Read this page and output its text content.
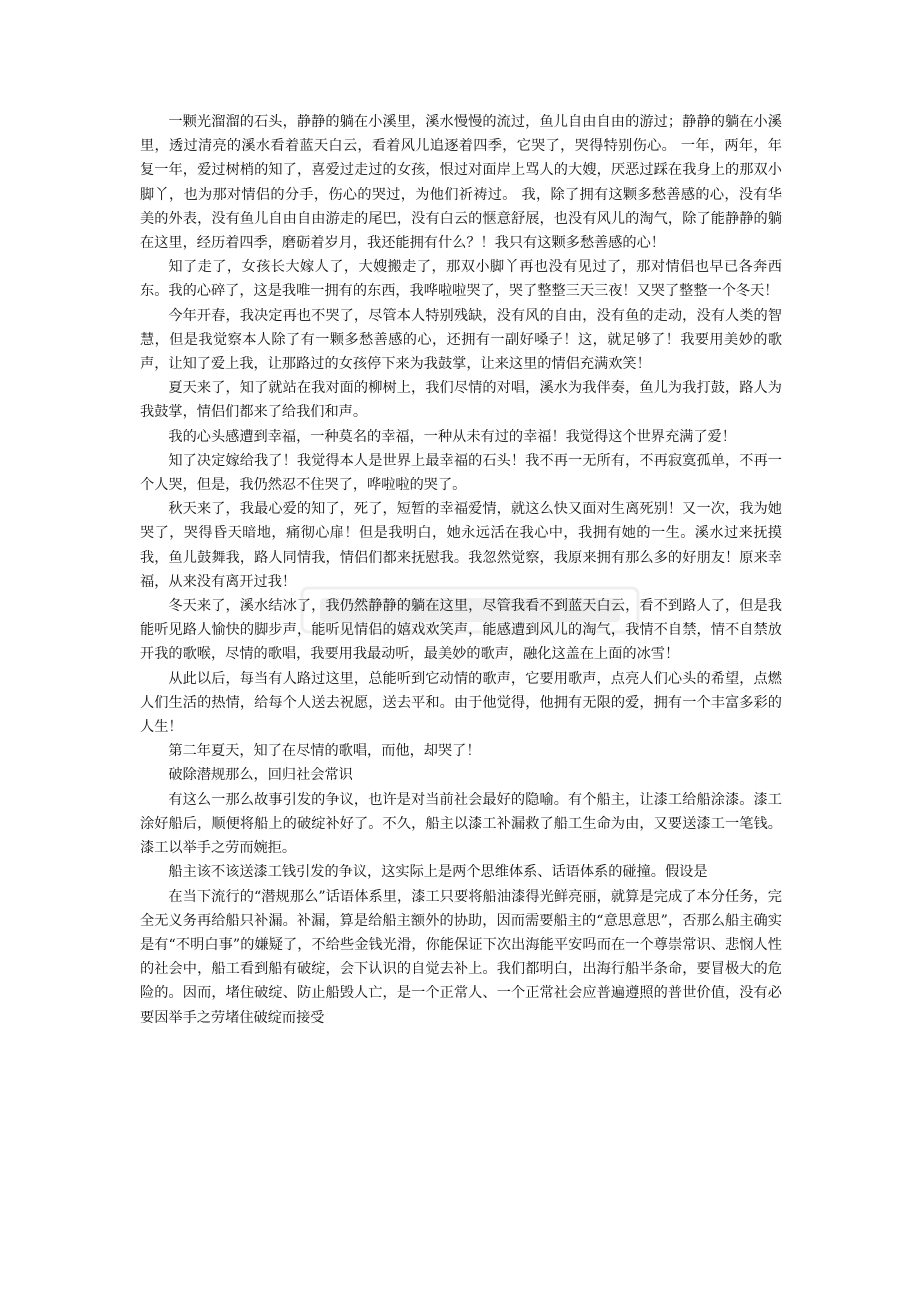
一颗光溜溜的石头，静静的躺在小溪里，溪水慢慢的流过，鱼儿自由自由的游过；静静的躺在小溪里，透过清亮的溪水看着蓝天白云，看着风儿追逐着四季，它哭了，哭得特别伤心。 一年，两年，年复一年，爱过树梢的知了，喜爱过走过的女孩，恨过对面岸上骂人的大嫂，厌恶过踩在我身上的那双小脚丫，也为那对情侣的分手，伤心的哭过，为他们祈祷过。 我，除了拥有这颗多愁善感的心，没有华美的外表，没有鱼儿自由自由游走的尾巴，没有白云的惬意舒展，也没有风儿的淘气，除了能静静的躺在这里，经历着四季，磨砺着岁月，我还能拥有什么？！我只有这颗多愁善感的心！

知了走了，女孩长大嫁人了，大嫂搬走了，那双小脚丫再也没有见过了，那对情侣也早已各奔西东。我的心碎了，这是我唯一拥有的东西，我哗啦啦哭了，哭了整整三天三夜！又哭了整整一个冬天！

今年开春，我决定再也不哭了，尽管本人特别残缺，没有风的自由，没有鱼的走动，没有人类的智慧，但是我觉察本人除了有一颗多愁善感的心，还拥有一副好嗓子！这，就足够了！我要用美妙的歌声，让知了爱上我，让那路过的女孩停下来为我鼓掌，让来这里的情侣充满欢笑！

夏天来了，知了就站在我对面的柳树上，我们尽情的对唱，溪水为我伴奏，鱼儿为我打鼓，路人为我鼓掌，情侣们都来了给我们和声。

我的心头感遭到幸福，一种莫名的幸福，一种从未有过的幸福！我觉得这个世界充满了爱！

知了决定嫁给我了！我觉得本人是世界上最幸福的石头！我不再一无所有，不再寂寞孤单，不再一个人哭，但是，我仍然忍不住哭了，哗啦啦的哭了。

秋天来了，我最心爱的知了，死了，短暂的幸福爱情，就这么快又面对生离死别！又一次，我为她哭了，哭得昏天暗地，痛彻心扉！但是我明白，她永远活在我心中，我拥有她的一生。溪水过来抚摸我，鱼儿鼓舞我，路人同情我，情侣们都来抚慰我。我忽然觉察，我原来拥有那么多的好朋友！原来幸福，从来没有离开过我！

冬天来了，溪水结冰了，我仍然静静的躺在这里，尽管我看不到蓝天白云，看不到路人了，但是我能听见路人愉快的脚步声，能听见情侣的嬉戏欢笑声，能感遭到风儿的淘气，我情不自禁，情不自禁放开我的歌喉，尽情的歌唱，我要用我最动听，最美妙的歌声，融化这盖在上面的冰雪！

从此以后，每当有人路过这里，总能听到它动情的歌声，它要用歌声，点亮人们心头的希望，点燃人们生活的热情，给每个人送去祝愿，送去平和。由于他觉得，他拥有无限的爱，拥有一个丰富多彩的人生！

第二年夏天，知了在尽情的歌唱，而他，却哭了！

破除潜规那么，回归社会常识

有这么一那么故事引发的争议，也许是对当前社会最好的隐喻。有个船主，让漆工给船涂漆。漆工涂好船后，顺便将船上的破绽补好了。不久，船主以漆工补漏救了船工生命为由，又要送漆工一笔钱。漆工以举手之劳而婉拒。

船主该不该送漆工钱引发的争议，这实际上是两个思维体系、话语体系的碰撞。假设是

在当下流行的“潜规那么”话语体系里，漆工只要将船油漆得光鲜亮丽，就算是完成了本分任务，完全无义务再给船只补漏。补漏，算是给船主额外的协助，因而需要船主的“意思意思”，否那么船主确实是有“不明白事”的嫌疑了，不给些金钱光滑，你能保证下次出海能平安吗而在一个尊崇常识、悲悯人性的社会中，船工看到船有破绽，会下认识的自觉去补上。我们都明白，出海行船半条命，要冒极大的危险的。因而，堵住破绽、防止船毁人亡，是一个正常人、一个正常社会应普遍遵照的普世价值，没有必要因举手之劳堵住破绽而接受
